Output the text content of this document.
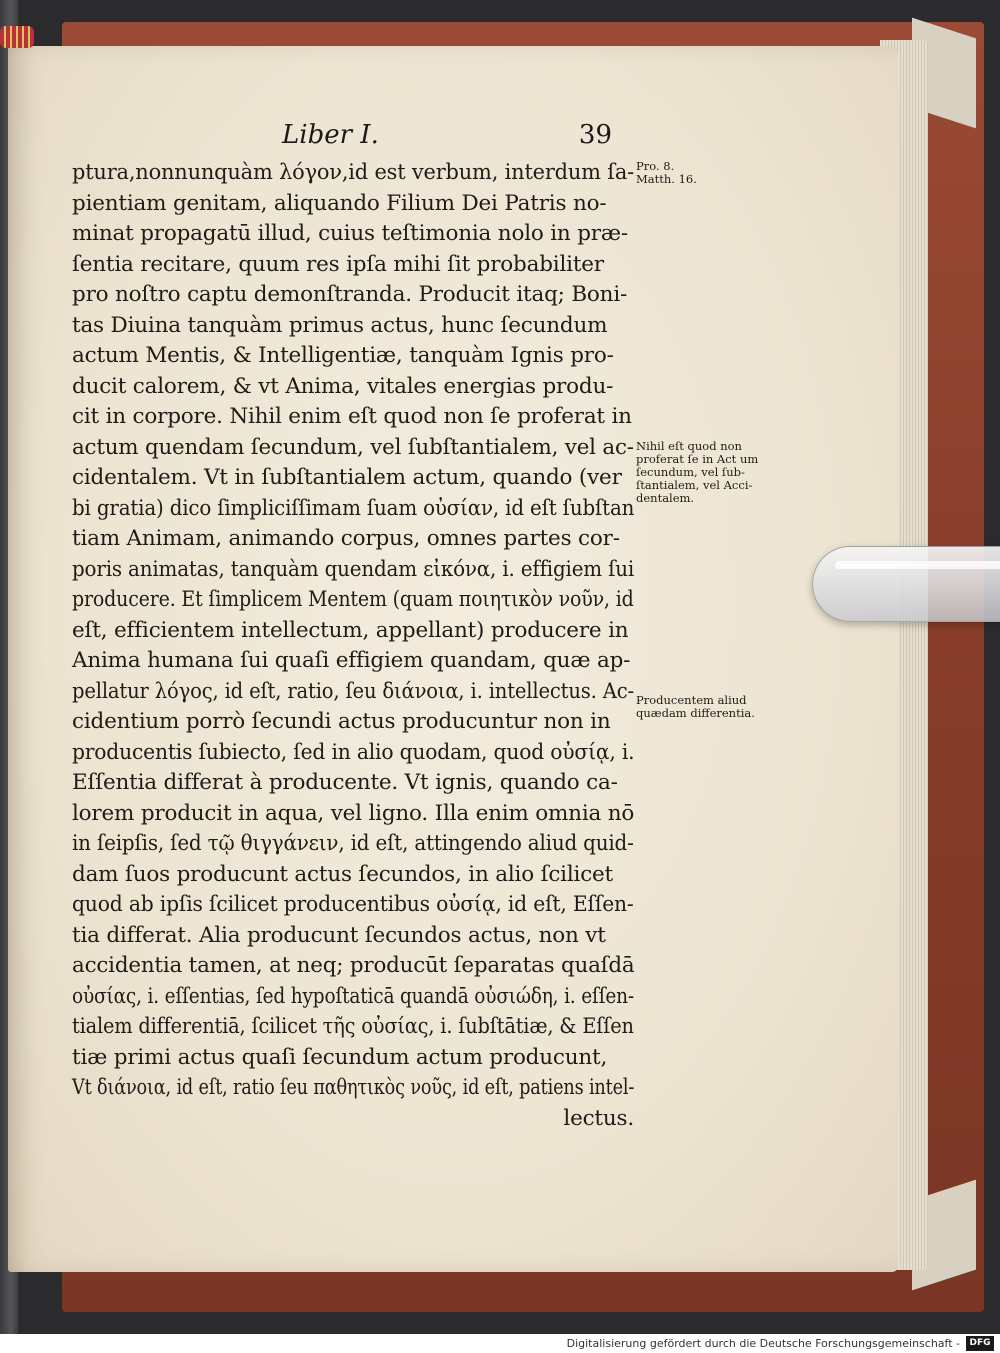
Liber I.	39
ptura,nonnunquàm λόγον,id est verbum, interdum ſa-
pientiam genitam, aliquando Filium Dei Patris no-
minat propagatū illud, cuius teſtimonia nolo in præ-
ſentia recitare, quum res ipſa mihi ſit probabiliter
pro noſtro captu demonſtranda. Producit itaq; Boni-
tas Diuina tanquàm primus actus, hunc ſecundum
actum Mentis, & Intelligentiæ, tanquàm Ignis pro-
ducit calorem, & vt Anima, vitales energias produ-
cit in corpore. Nihil enim eſt quod non ſe proferat in
actum quendam ſecundum, vel ſubſtantialem, vel ac-
cidentalem. Vt in ſubſtantialem actum, quando (ver
bi gratia) dico ſimpliciſſimam ſuam οὐσίαν, id eſt ſubſtan
tiam Animam, animando corpus, omnes partes cor-
poris animatas, tanquàm quendam εἰκόνα, i. effigiem ſui
producere. Et ſimplicem Mentem (quam ποιητικὸν νοῦν, id
eſt, efficientem intellectum, appellant) producere in
Anima humana ſui quaſi effigiem quandam, quæ ap-
pellatur λόγος, id eſt, ratio, ſeu διάνοια, i. intellectus. Ac-
cidentium porrò ſecundi actus producuntur non in
producentis ſubiecto, ſed in alio quodam, quod οὐσίᾳ, i.
Eſſentia differat à producente. Vt ignis, quando ca-
lorem producit in aqua, vel ligno. Illa enim omnia nō
in ſeipſis, ſed τῷ θιγγάνειν, id eſt, attingendo aliud quid-
dam ſuos producunt actus ſecundos, in alio ſcilicet
quod ab ipſis ſcilicet producentibus οὐσίᾳ, id eſt, Eſſen-
tia differat. Alia producunt ſecundos actus, non vt
accidentia tamen, at neq; producūt ſeparatas quaſdā
οὐσίας, i. eſſentias, ſed hypoſtaticā quandā οὐσιώδη, i. eſſen-
tialem differentiā, ſcilicet τῆς οὐσίας, i. ſubſtātiæ, & Eſſen
tiæ primi actus quaſi ſecundum actum producunt,
Vt διάνοια, id eſt, ratio ſeu παθητικὸς νοῦς, id eſt, patiens intel-
lectus.
Pro. 8.
Matth. 16.
Nihil eſt quod non
proferat ſe in Act um
ſecundum, vel ſub-
ſtantialem, vel Acci-
dentalem.
Producentem aliud
quædam differentia.
Digitalisierung gefördert durch die Deutsche Forschungsgemeinschaft -	DFG
